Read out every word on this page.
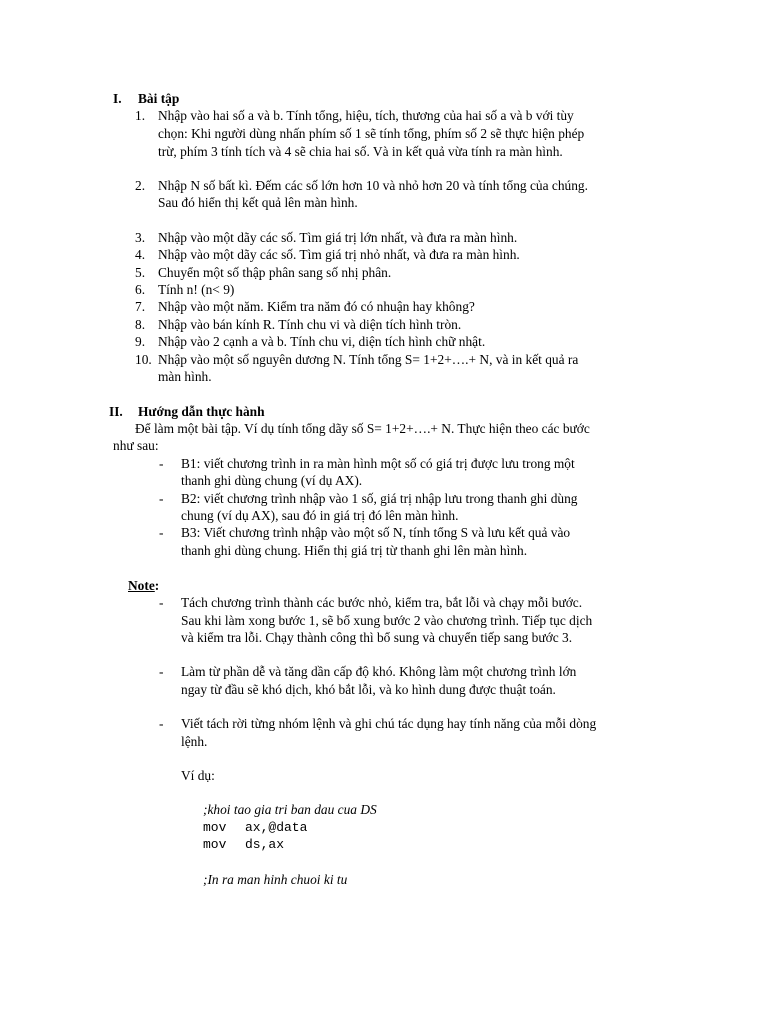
I. Bài tập
1. Nhập vào hai số a và b. Tính tổng, hiệu, tích, thương của hai số a và b với tùy
chọn: Khi người dùng nhấn phím số 1 sẽ tính tổng, phím số 2 sẽ thực hiện phép
trừ, phím 3 tính tích và 4 sẽ chia hai số. Và in kết quả vừa tính ra màn hình.
2. Nhập N số bất kì. Đếm các số lớn hơn 10 và nhỏ hơn 20 và tính tổng của chúng.
Sau đó hiển thị kết quả lên màn hình.
3. Nhập vào một dãy các số. Tìm giá trị lớn nhất, và đưa ra màn hình.
4. Nhập vào một dãy các số. Tìm giá trị nhỏ nhất, và đưa ra màn hình.
5. Chuyển một số thập phân sang số nhị phân.
6. Tính n! (n< 9)
7. Nhập vào một năm. Kiểm tra năm đó có nhuận hay không?
8. Nhập vào bán kính R. Tính chu vi và diện tích hình tròn.
9. Nhập vào 2 cạnh a và b. Tính chu vi, diện tích hình chữ nhật.
10. Nhập vào một số nguyên dương N. Tính tổng S= 1+2+….+ N, và in kết quả ra
màn hình.
II. Hướng dẫn thực hành
Để làm một bài tập. Ví dụ tính tổng dãy số S= 1+2+….+ N. Thực hiện theo các bước
như sau:
- B1: viết chương trình in ra màn hình một số có giá trị được lưu trong một
thanh ghi dùng chung (ví dụ AX).
- B2: viết chương trình nhập vào 1 số, giá trị nhập lưu trong thanh ghi dùng
chung (ví dụ AX), sau đó in giá trị đó lên màn hình.
- B3: Viết chương trình nhập vào một số N, tính tổng S và lưu kết quả vào
thanh ghi dùng chung. Hiển thị giá trị từ thanh ghi lên màn hình.
Note:
- Tách chương trình thành các bước nhỏ, kiểm tra, bắt lỗi và chạy mỗi bước.
Sau khi làm xong bước 1, sẽ bổ xung bước 2 vào chương trình. Tiếp tục dịch
và kiểm tra lỗi. Chạy thành công thì bổ sung và chuyển tiếp sang bước 3.
- Làm từ phần dễ và tăng dần cấp độ khó. Không làm một chương trình lớn
ngay từ đầu sẽ khó dịch, khó bắt lỗi, và ko hình dung được thuật toán.
- Viết tách rời từng nhóm lệnh và ghi chú tác dụng hay tính năng của mỗi dòng
lệnh.
Ví dụ:
;khoi tao gia tri ban dau cua DS
mov ax,@data
mov ds,ax
;In ra man hinh chuoi ki tu
